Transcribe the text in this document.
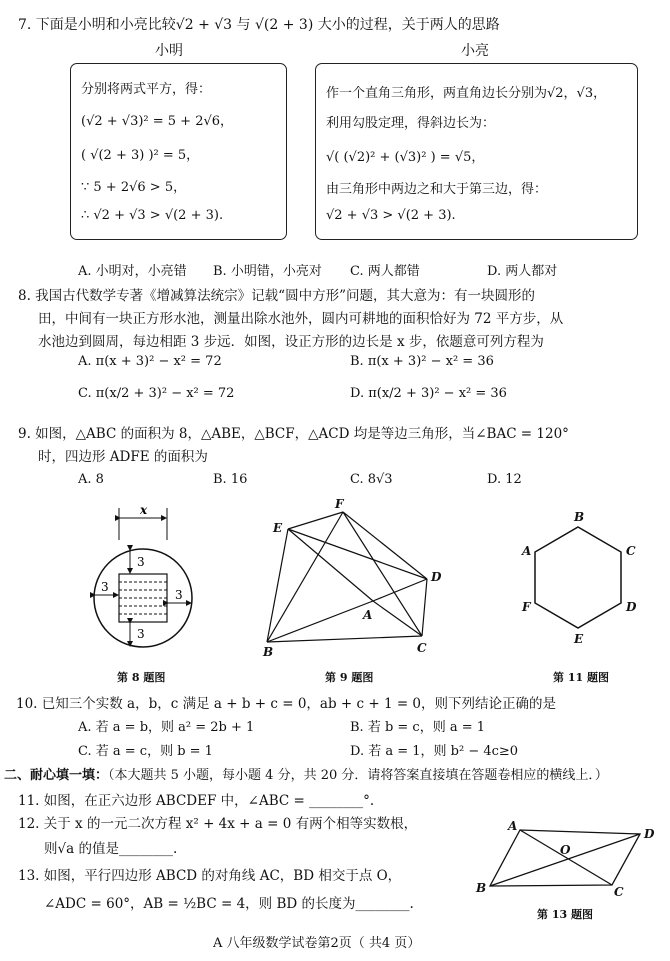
7. 下面是小明和小亮比较√2 + √3 与 √(2 + 3) 大小的过程，关于两人的思路
小明	小亮
分别将两式平方，得：
(√2 + √3)² = 5 + 2√6，
( √(2 + 3) )² = 5，
∵ 5 + 2√6 > 5，
∴ √2 + √3 > √(2 + 3).
作一个直角三角形，两直角边长分别为√2，√3，
利用勾股定理，得斜边长为：
√( (√2)² + (√3)² ) = √5，
由三角形中两边之和大于第三边，得：
√2 + √3 > √(2 + 3).
A. 小明对，小亮错 B. 小明错，小亮对 C. 两人都错	D. 两人都对
8. 我国古代数学专著《增减算法统宗》记载“圆中方形”问题，其大意为：有一块圆形的
田，中间有一块正方形水池，测量出除水池外，圆内可耕地的面积恰好为 72 平方步，从
水池边到圆周，每边相距 3 步远．如图，设正方形的边长是 x 步，依题意可列方程为
A. π(x + 3)² − x² = 72	B. π(x + 3)² − x² = 36
C. π(x/2 + 3)² − x² = 72	D. π(x/2 + 3)² − x² = 36
9. 如图，△ABC 的面积为 8，△ABE，△BCF，△ACD 均是等边三角形，当∠BAC = 120°
时，四边形 ADFE 的面积为
A. 8	B. 16	C. 8√3	D. 12
x
3
3
3
3
第 8 题图
E
F
D
A
B	C
第 9 题图
B
C
D
E
F
A
第 11 题图
10. 已知三个实数 a，b，c 满足 a + b + c = 0，ab + c + 1 = 0，则下列结论正确的是
A. 若 a = b，则 a² = 2b + 1	B. 若 b = c，则 a = 1
C. 若 a = c，则 b = 1	D. 若 a = 1，则 b² − 4c≥0
二、耐心填一填：（本大题共 5 小题，每小题 4 分，共 20 分．请将答案直接填在答题卷相应的横线上．）
11. 如图，在正六边形 ABCDEF 中，∠ABC = ________°.
12. 关于 x 的一元二次方程 x² + 4x + a = 0 有两个相等实数根，
则√a 的值是________.
13. 如图，平行四边形 ABCD 的对角线 AC，BD 相交于点 O，
∠ADC = 60°，AB = ½BC = 4，则 BD 的长度为________.
A
D
O
B	C
第 13 题图
A 八年级数学试卷第2页（ 共4 页）
